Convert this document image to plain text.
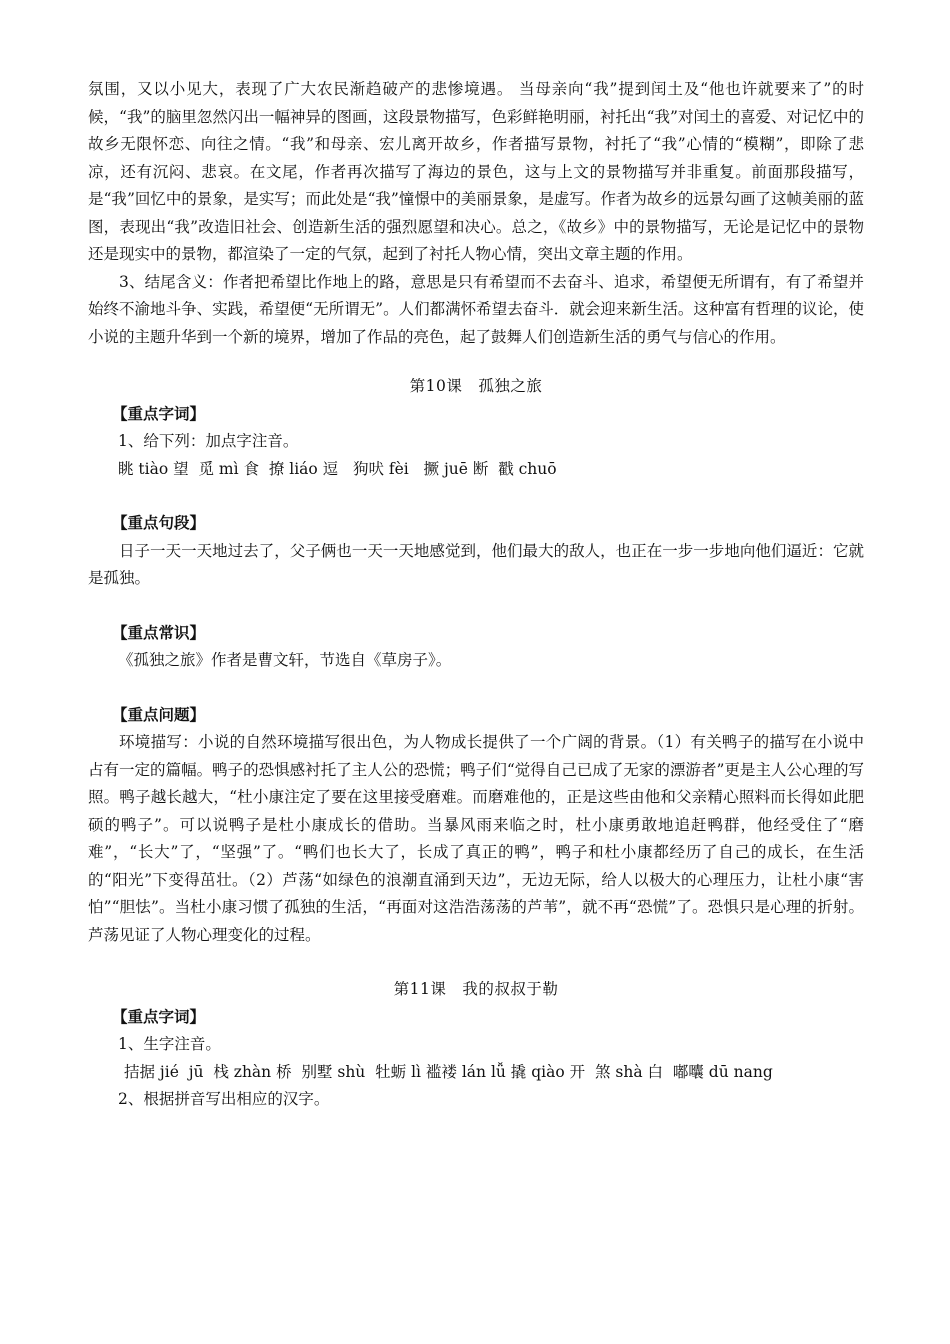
氛围，又以小见大，表现了广大农民渐趋破产的悲惨境遇。 当母亲向“我”提到闰土及“他也许就要来了”的时候，“我”的脑里忽然闪出一幅神异的图画，这段景物描写，色彩鲜艳明丽，衬托出“我”对闰土的喜爱、对记忆中的故乡无限怀恋、向往之情。“我”和母亲、宏儿离开故乡，作者描写景物，衬托了“我”心情的“模糊”，即除了悲凉，还有沉闷、悲哀。在文尾，作者再次描写了海边的景色，这与上文的景物描写并非重复。前面那段描写，是“我”回忆中的景象，是实写；而此处是“我”憧憬中的美丽景象，是虚写。作者为故乡的远景勾画了这帧美丽的蓝图，表现出“我”改造旧社会、创造新生活的强烈愿望和决心。总之，《故乡》中的景物描写，无论是记忆中的景物还是现实中的景物，都渲染了一定的气氛，起到了衬托人物心情，突出文章主题的作用。

3、结尾含义：作者把希望比作地上的路，意思是只有希望而不去奋斗、追求，希望便无所谓有，有了希望并始终不渝地斗争、实践，希望便“无所谓无”。人们都满怀希望去奋斗．就会迎来新生活。这种富有哲理的议论，使小说的主题升华到一个新的境界，增加了作品的亮色，起了鼓舞人们创造新生活的勇气与信心的作用。

第10课　孤独之旅

【重点字词】

1、给下列：加点字注音。

眺 tiào 望  觅 mì 食  撩 liáo 逗   狗吠 fèi   撅 juē 断  戳 chuō

【重点句段】

日子一天一天地过去了，父子俩也一天一天地感觉到，他们最大的敌人，也正在一步一步地向他们逼近：它就是孤独。

【重点常识】

《孤独之旅》作者是曹文轩，节选自《草房子》。

【重点问题】

环境描写：小说的自然环境描写很出色，为人物成长提供了一个广阔的背景。（1）有关鸭子的描写在小说中占有一定的篇幅。鸭子的恐惧感衬托了主人公的恐慌；鸭子们“觉得自己已成了无家的漂游者”更是主人公心理的写照。鸭子越长越大，“杜小康注定了要在这里接受磨难。而磨难他的，正是这些由他和父亲精心照料而长得如此肥硕的鸭子”。可以说鸭子是杜小康成长的借助。当暴风雨来临之时，杜小康勇敢地追赶鸭群，他经受住了“磨难”，“长大”了，“坚强”了。“鸭们也长大了，长成了真正的鸭”，鸭子和杜小康都经历了自己的成长，在生活的“阳光”下变得茁壮。（2）芦荡“如绿色的浪潮直涌到天边”，无边无际，给人以极大的心理压力，让杜小康“害怕”“胆怯”。当杜小康习惯了孤独的生活，“再面对这浩浩荡荡的芦苇”，就不再“恐慌”了。恐惧只是心理的折射。芦荡见证了人物心理变化的过程。

第11课　我的叔叔于勒

【重点字词】

1、生字注音。

拮据 jié  jū  栈 zhàn 桥  别墅 shù  牡蛎 lì 褴褛 lán lǚ 撬 qiào 开  煞 shà 白  嘟囔 dū nang

2、根据拼音写出相应的汉字。
